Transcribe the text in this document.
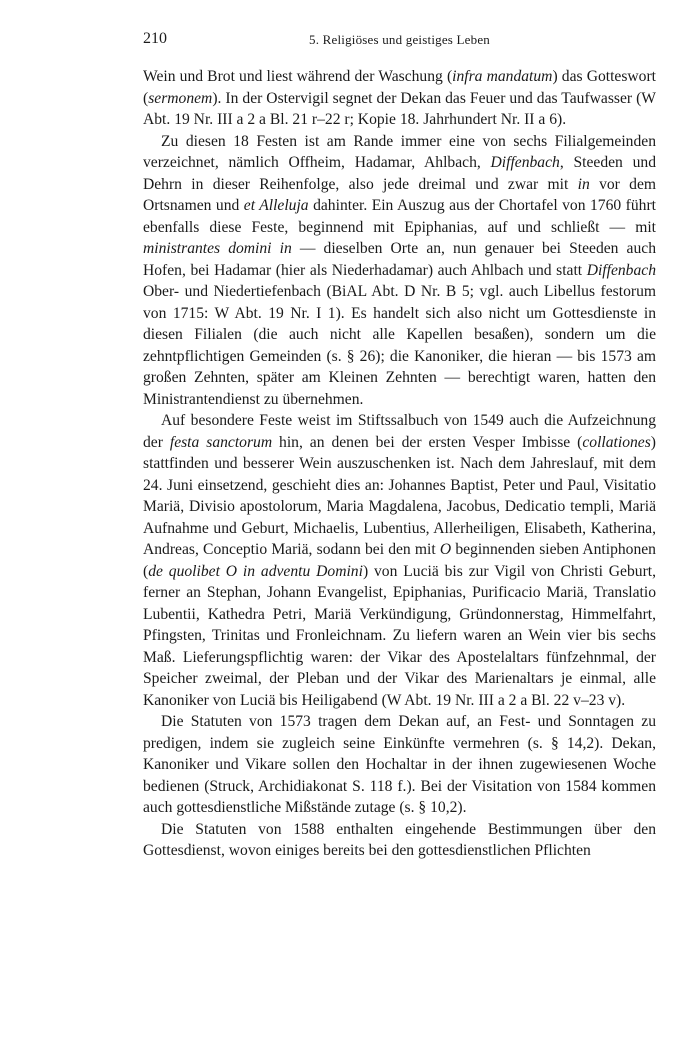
210	5. Religiöses und geistiges Leben

Wein und Brot und liest während der Waschung (infra mandatum) das Gotteswort (sermonem). In der Ostervigil segnet der Dekan das Feuer und das Taufwasser (W Abt. 19 Nr. III a 2 a Bl. 21 r–22 r; Kopie 18. Jahrhundert Nr. II a 6).

Zu diesen 18 Festen ist am Rande immer eine von sechs Filialgemeinden verzeichnet, nämlich Offheim, Hadamar, Ahlbach, Diffenbach, Steeden und Dehrn in dieser Reihenfolge, also jede dreimal und zwar mit in vor dem Ortsnamen und et Alleluja dahinter. Ein Auszug aus der Chortafel von 1760 führt ebenfalls diese Feste, beginnend mit Epiphanias, auf und schließt — mit ministrantes domini in — dieselben Orte an, nun genauer bei Steeden auch Hofen, bei Hadamar (hier als Niederhadamar) auch Ahlbach und statt Diffenbach Ober- und Niedertiefenbach (BiAL Abt. D Nr. B 5; vgl. auch Libellus festorum von 1715: W Abt. 19 Nr. I 1). Es handelt sich also nicht um Gottesdienste in diesen Filialen (die auch nicht alle Kapellen besaßen), sondern um die zehntpflichtigen Gemeinden (s. § 26); die Kanoniker, die hieran — bis 1573 am großen Zehnten, später am Kleinen Zehnten — berechtigt waren, hatten den Ministrantendienst zu übernehmen.

Auf besondere Feste weist im Stiftssalbuch von 1549 auch die Aufzeichnung der festa sanctorum hin, an denen bei der ersten Vesper Imbisse (collationes) stattfinden und besserer Wein auszuschenken ist. Nach dem Jahreslauf, mit dem 24. Juni einsetzend, geschieht dies an: Johannes Baptist, Peter und Paul, Visitatio Mariä, Divisio apostolorum, Maria Magdalena, Jacobus, Dedicatio templi, Mariä Aufnahme und Geburt, Michaelis, Lubentius, Allerheiligen, Elisabeth, Katherina, Andreas, Conceptio Mariä, sodann bei den mit O beginnenden sieben Antiphonen (de quolibet O in adventu Domini) von Luciä bis zur Vigil von Christi Geburt, ferner an Stephan, Johann Evangelist, Epiphanias, Purificacio Mariä, Translatio Lubentii, Kathedra Petri, Mariä Verkündigung, Gründonnerstag, Himmelfahrt, Pfingsten, Trinitas und Fronleichnam. Zu liefern waren an Wein vier bis sechs Maß. Lieferungspflichtig waren: der Vikar des Apostelaltars fünfzehnmal, der Speicher zweimal, der Pleban und der Vikar des Marienaltars je einmal, alle Kanoniker von Luciä bis Heiligabend (W Abt. 19 Nr. III a 2 a Bl. 22 v–23 v).

Die Statuten von 1573 tragen dem Dekan auf, an Fest- und Sonntagen zu predigen, indem sie zugleich seine Einkünfte vermehren (s. § 14,2). Dekan, Kanoniker und Vikare sollen den Hochaltar in der ihnen zugewiesenen Woche bedienen (Struck, Archidiakonat S. 118 f.). Bei der Visitation von 1584 kommen auch gottesdienstliche Mißstände zutage (s. § 10,2).

Die Statuten von 1588 enthalten eingehende Bestimmungen über den Gottesdienst, wovon einiges bereits bei den gottesdienstlichen Pflichten
